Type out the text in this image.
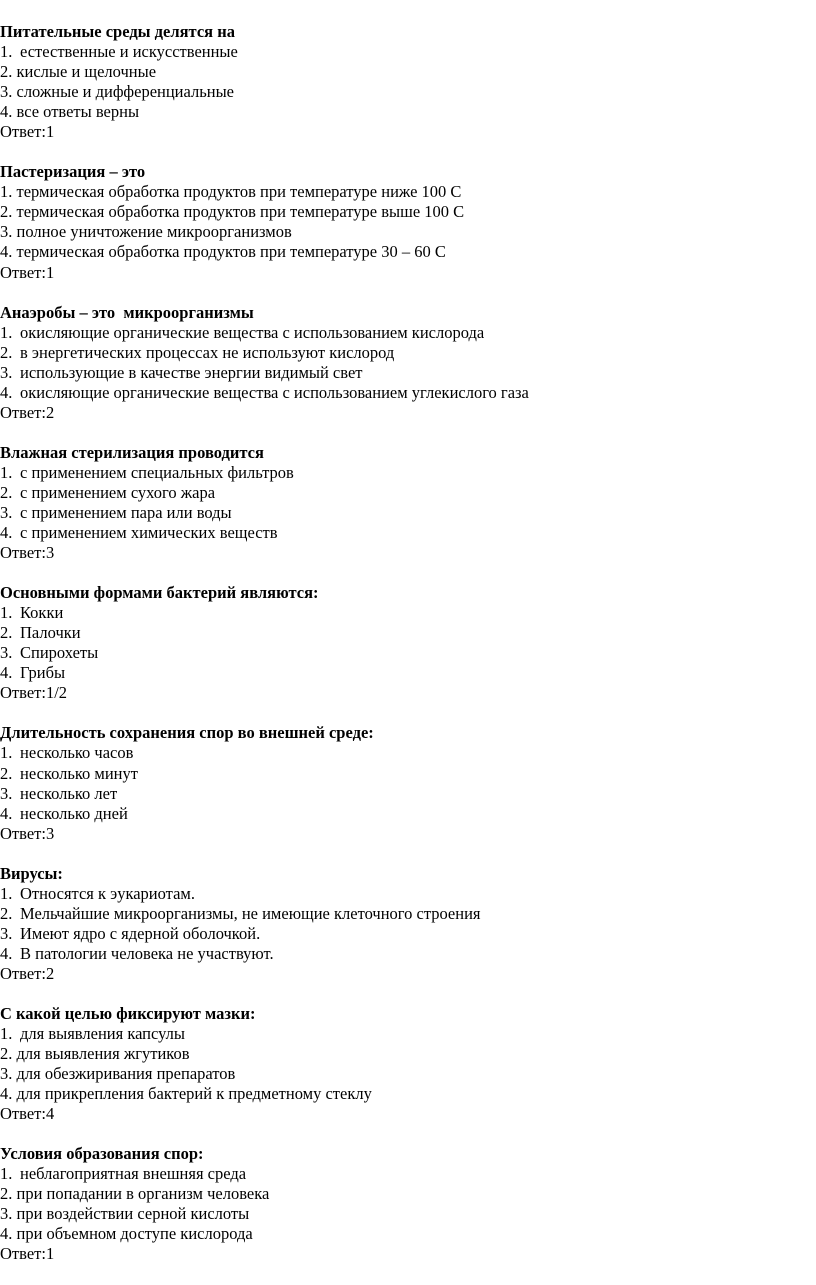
Питательные среды делятся на
1. естественные и искусственные
2. кислые и щелочные
3. сложные и дифференциальные
4. все ответы верны
Ответ:1
Пастеризация – это
1. термическая обработка продуктов при температуре ниже 100 С
2. термическая обработка продуктов при температуре выше 100 С
3. полное уничтожение микроорганизмов
4. термическая обработка продуктов при температуре 30 – 60 С
Ответ:1
Анаэробы – это  микроорганизмы
1. окисляющие органические вещества с использованием кислорода
2. в энергетических процессах не используют кислород
3. использующие в качестве энергии видимый свет
4. окисляющие органические вещества с использованием углекислого газа
Ответ:2
Влажная стерилизация проводится
1. с применением специальных фильтров
2. с применением сухого жара
3. с применением пара или воды
4. с применением химических веществ
Ответ:3
Основными формами бактерий являются:
1. Кокки
2. Палочки
3. Спирохеты
4. Грибы
Ответ:1/2
Длительность сохранения спор во внешней среде:
1. несколько часов
2. несколько минут
3. несколько лет
4. несколько дней
Ответ:3
Вирусы:
1. Относятся к эукариотам.
2. Мельчайшие микроорганизмы, не имеющие клеточного строения
3. Имеют ядро с ядерной оболочкой.
4. В патологии человека не участвуют.
Ответ:2
С какой целью фиксируют мазки:
1. для выявления капсулы
2. для выявления жгутиков
3. для обезжиривания препаратов
4. для прикрепления бактерий к предметному стеклу
Ответ:4
Условия образования спор:
1. неблагоприятная внешняя среда
2. при попадании в организм человека
3. при воздействии серной кислоты
4. при объемном доступе кислорода
Ответ:1
